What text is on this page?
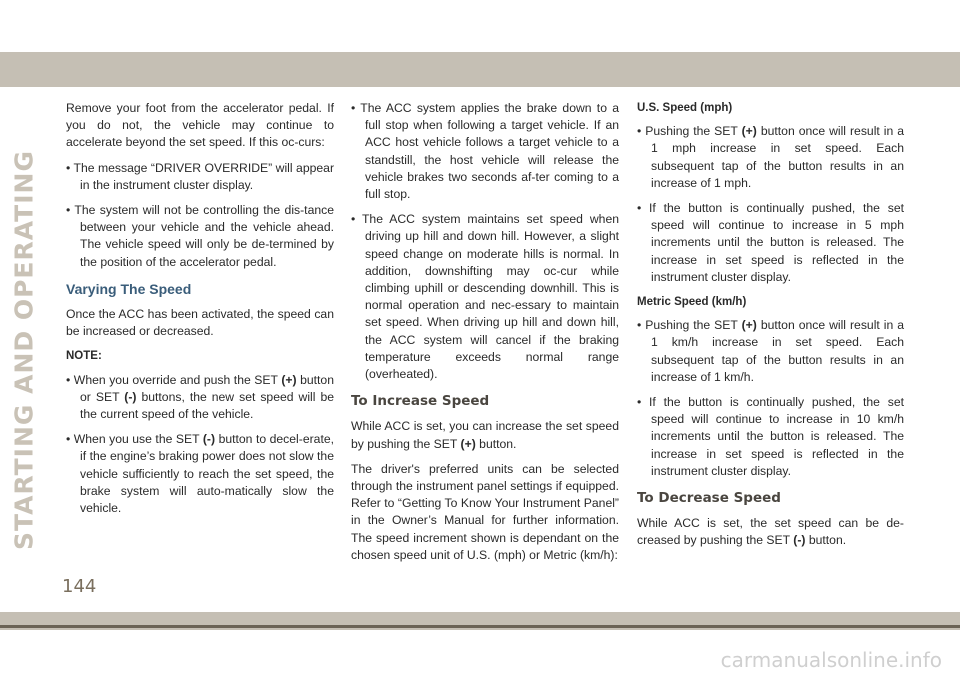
STARTING AND OPERATING

Remove your foot from the accelerator pedal. If you do not, the vehicle may continue to accelerate beyond the set speed. If this oc-curs:

• The message “DRIVER OVERRIDE” will appear in the instrument cluster display.

• The system will not be controlling the dis-tance between your vehicle and the vehicle ahead. The vehicle speed will only be de-termined by the position of the accelerator pedal.

Varying The Speed

Once the ACC has been activated, the speed can be increased or decreased.

NOTE:

• When you override and push the SET (+) button or SET (-) buttons, the new set speed will be the current speed of the vehicle.

• When you use the SET (-) button to decel-erate, if the engine’s braking power does not slow the vehicle sufficiently to reach the set speed, the brake system will auto-matically slow the vehicle.

• The ACC system applies the brake down to a full stop when following a target vehicle. If an ACC host vehicle follows a target vehicle to a standstill, the host vehicle will release the vehicle brakes two seconds af-ter coming to a full stop.

• The ACC system maintains set speed when driving up hill and down hill. However, a slight speed change on moderate hills is normal. In addition, downshifting may oc-cur while climbing uphill or descending downhill. This is normal operation and nec-essary to maintain set speed. When driving up hill and down hill, the ACC system will cancel if the braking temperature exceeds normal range (overheated).

To Increase Speed

While ACC is set, you can increase the set speed by pushing the SET (+) button.

The driver's preferred units can be selected through the instrument panel settings if equipped. Refer to “Getting To Know Your Instrument Panel” in the Owner’s Manual for further information. The speed increment shown is dependant on the chosen speed unit of U.S. (mph) or Metric (km/h):

U.S. Speed (mph)

• Pushing the SET (+) button once will result in a 1 mph increase in set speed. Each subsequent tap of the button results in an increase of 1 mph.

• If the button is continually pushed, the set speed will continue to increase in 5 mph increments until the button is released. The increase in set speed is reflected in the instrument cluster display.

Metric Speed (km/h)

• Pushing the SET (+) button once will result in a 1 km/h increase in set speed. Each subsequent tap of the button results in an increase of 1 km/h.

• If the button is continually pushed, the set speed will continue to increase in 10 km/h increments until the button is released. The increase in set speed is reflected in the instrument cluster display.

To Decrease Speed

While ACC is set, the set speed can be de-creased by pushing the SET (-) button.

144
carmanualsonline.info
